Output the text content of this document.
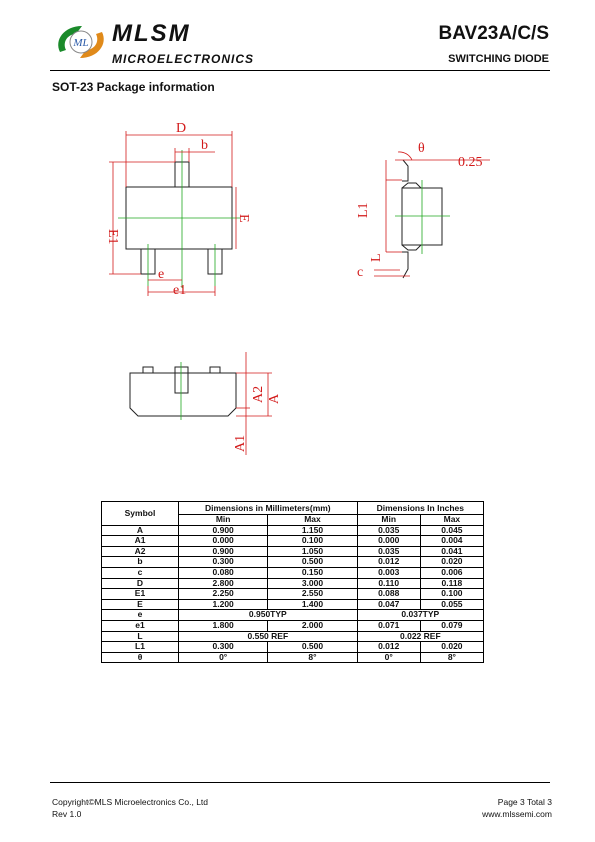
ML MLSM
MICROELECTRONICS
BAV23A/C/S
SWITCHING DIODE
SOT-23 Package information
D
b
E1
E
e
e1
θ
0.25
L1
L
c
A
A2
A1
Symbol	Dimensions in Millimeters(mm)		Dimensions In Inches	
	Min	Max	Min	Max
A	0.900	1.150	0.035	0.045
A1	0.000	0.100	0.000	0.004
A2	0.900	1.050	0.035	0.041
b	0.300	0.500	0.012	0.020
c	0.080	0.150	0.003	0.006
D	2.800	3.000	0.110	0.118
E1	2.250	2.550	0.088	0.100
E	1.200	1.400	0.047	0.055
e	0.950TYP		0.037TYP	
e1	1.800	2.000	0.071	0.079
L	0.550 REF		0.022 REF	
L1	0.300	0.500	0.012	0.020
θ	0°	8°	0°	8°
Copyright©MLS Microelectronics Co., Ltd
Rev 1.0
Page 3 Total 3
www.mlssemi.com
